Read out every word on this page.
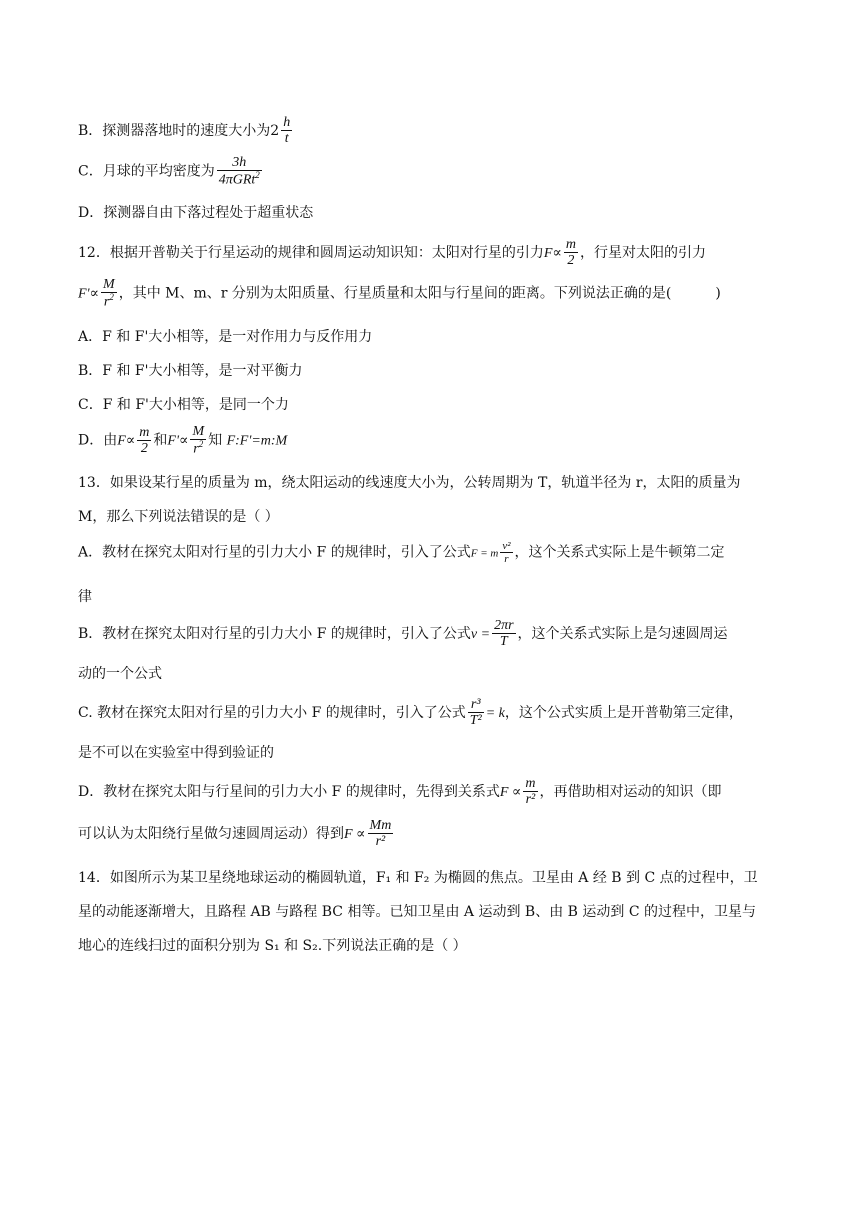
B．探测器落地时的速度大小为$2 \frac{h}{t}$
C．月球的平均密度为 $\frac{3h}{4\pi GRt^2}$
D．探测器自由下落过程处于超重状态
12．根据开普勒关于行星运动的规律和圆周运动知识知：太阳对行星的引力$F\propto \frac{m}{2}$ ，行星对太阳的引力
$F'\propto \frac{M}{r^2}$ ，其中 M、m、r 分别为太阳质量、行星质量和太阳与行星间的距离。下列说法正确的是(	)
A．F 和 F'大小相等，是一对作用力与反作用力
B．F 和 F'大小相等，是一对平衡力
C．F 和 F'大小相等，是同一个力
D．由$F\propto \frac{m}{2}$ 和$F'\propto \frac{M}{r^2}$ 知 F:F'=m:M
13．如果设某行星的质量为 m，绕太阳运动的线速度大小为，公转周期为 T，轨道半径为 r，太阳的质量为
M，那么下列说法错误的是（ ）
A．教材在探究太阳对行星的引力大小 F 的规律时，引入了公式F = m $\frac{\text{v²}}{r}$ ，这个关系式实际上是牛顿第二定
律
B．教材在探究太阳对行星的引力大小 F 的规律时，引入了公式$v = \frac{2\pi r}{T}$ ，这个关系式实际上是匀速圆周运
动的一个公式
C. 教材在探究太阳对行星的引力大小 F 的规律时，引入了公式 $\frac{\text{r³}}{\text{T²}} = k$，这个公式实质上是开普勒第三定律，
是不可以在实验室中得到验证的
D．教材在探究太阳与行星间的引力大小 F 的规律时，先得到关系式$F \propto \frac{m}{\text{r²}}$ ，再借助相对运动的知识（即
可以认为太阳绕行星做匀速圆周运动）得到$F \propto \frac{Mm}{\text{r²}}$
14．如图所示为某卫星绕地球运动的椭圆轨道，F₁ 和 F₂ 为椭圆的焦点。卫星由 A 经 B 到 C 点的过程中，卫
星的动能逐渐增大，且路程 AB 与路程 BC 相等。已知卫星由 A 运动到 B、由 B 运动到 C 的过程中，卫星与
地心的连线扫过的面积分别为 S₁ 和 S₂.下列说法正确的是（ ）
